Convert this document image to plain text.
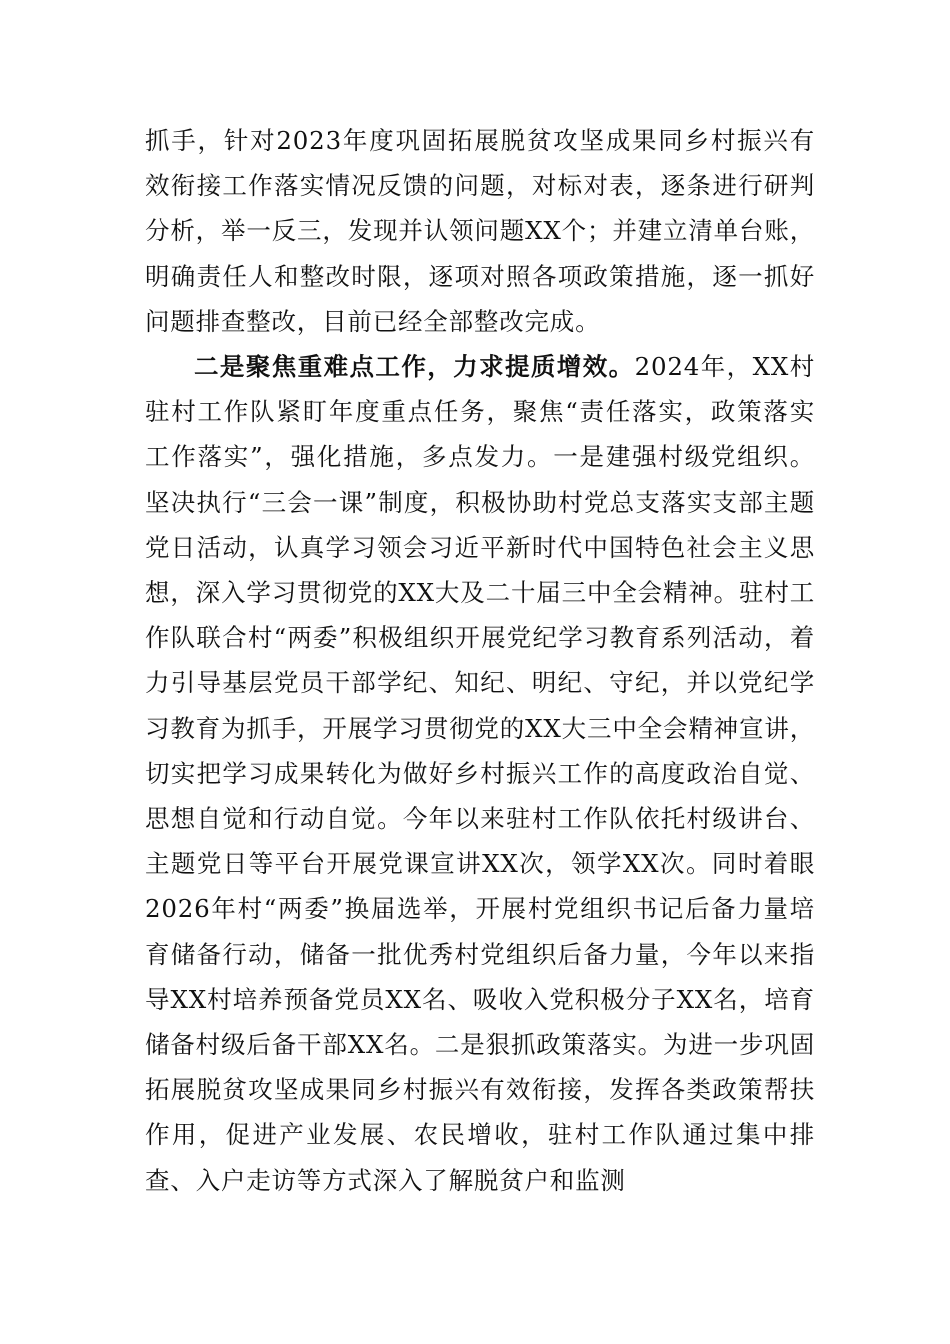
抓手，针对2023年度巩固拓展脱贫攻坚成果同乡村振兴有效衔接工作落实情况反馈的问题，对标对表，逐条进行研判分析，举一反三，发现并认领问题XX个；并建立清单台账，明确责任人和整改时限，逐项对照各项政策措施，逐一抓好问题排查整改，目前已经全部整改完成。

二是聚焦重难点工作，力求提质增效。2024年，XX村驻村工作队紧盯年度重点任务，聚焦“责任落实，政策落实工作落实”，强化措施，多点发力。一是建强村级党组织。坚决执行“三会一课”制度，积极协助村党总支落实支部主题党日活动，认真学习领会习近平新时代中国特色社会主义思想，深入学习贯彻党的XX大及二十届三中全会精神。驻村工作队联合村“两委”积极组织开展党纪学习教育系列活动，着力引导基层党员干部学纪、知纪、明纪、守纪，并以党纪学习教育为抓手，开展学习贯彻党的XX大三中全会精神宣讲，切实把学习成果转化为做好乡村振兴工作的高度政治自觉、思想自觉和行动自觉。今年以来驻村工作队依托村级讲台、主题党日等平台开展党课宣讲XX次，领学XX次。同时着眼2026年村“两委”换届选举，开展村党组织书记后备力量培育储备行动，储备一批优秀村党组织后备力量，今年以来指导XX村培养预备党员XX名、吸收入党积极分子XX名，培育储备村级后备干部XX名。二是狠抓政策落实。为进一步巩固拓展脱贫攻坚成果同乡村振兴有效衔接，发挥各类政策帮扶作用，促进产业发展、农民增收，驻村工作队通过集中排查、入户走访等方式深入了解脱贫户和监测
